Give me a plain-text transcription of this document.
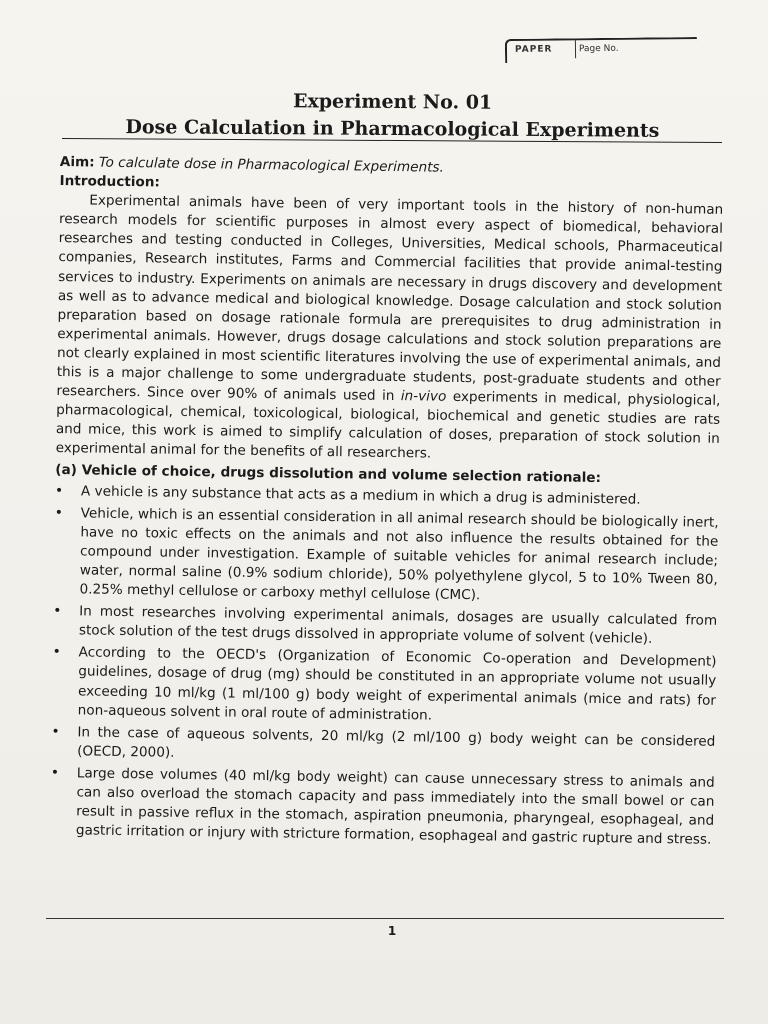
PAPER	Page No.
Experiment No. 01
Dose Calculation in Pharmacological Experiments
Aim: To calculate dose in Pharmacological Experiments.
Introduction:

Experimental animals have been of very important tools in the history of non-human research models for scientific purposes in almost every aspect of biomedical, behavioral researches and testing conducted in Colleges, Universities, Medical schools, Pharmaceutical companies, Research institutes, Farms and Commercial facilities that provide animal-testing services to industry. Experiments on animals are necessary in drugs discovery and development as well as to advance medical and biological knowledge. Dosage calculation and stock solution preparation based on dosage rationale formula are prerequisites to drug administration in experimental animals. However, drugs dosage calculations and stock solution preparations are not clearly explained in most scientific literatures involving the use of experimental animals, and this is a major challenge to some undergraduate students, post-graduate students and other researchers. Since over 90% of animals used in in-vivo experiments in medical, physiological, pharmacological, chemical, toxicological, biological, biochemical and genetic studies are rats and mice, this work is aimed to simplify calculation of doses, preparation of stock solution in experimental animal for the benefits of all researchers.

(a) Vehicle of choice, drugs dissolution and volume selection rationale:
•	A vehicle is any substance that acts as a medium in which a drug is administered.
•	Vehicle, which is an essential consideration in all animal research should be biologically inert, have no toxic effects on the animals and not also influence the results obtained for the compound under investigation. Example of suitable vehicles for animal research include; water, normal saline (0.9% sodium chloride), 50% polyethylene glycol, 5 to 10% Tween 80, 0.25% methyl cellulose or carboxy methyl cellulose (CMC).
•	In most researches involving experimental animals, dosages are usually calculated from stock solution of the test drugs dissolved in appropriate volume of solvent (vehicle).
•	According to the OECD's (Organization of Economic Co-operation and Development) guidelines, dosage of drug (mg) should be constituted in an appropriate volume not usually exceeding 10 ml/kg (1 ml/100 g) body weight of experimental animals (mice and rats) for non-aqueous solvent in oral route of administration.
•	In the case of aqueous solvents, 20 ml/kg (2 ml/100 g) body weight can be considered (OECD, 2000).
•	Large dose volumes (40 ml/kg body weight) can cause unnecessary stress to animals and can also overload the stomach capacity and pass immediately into the small bowel or can result in passive reflux in the stomach, aspiration pneumonia, pharyngeal, esophageal, and gastric irritation or injury with stricture formation, esophageal and gastric rupture and stress.
1
